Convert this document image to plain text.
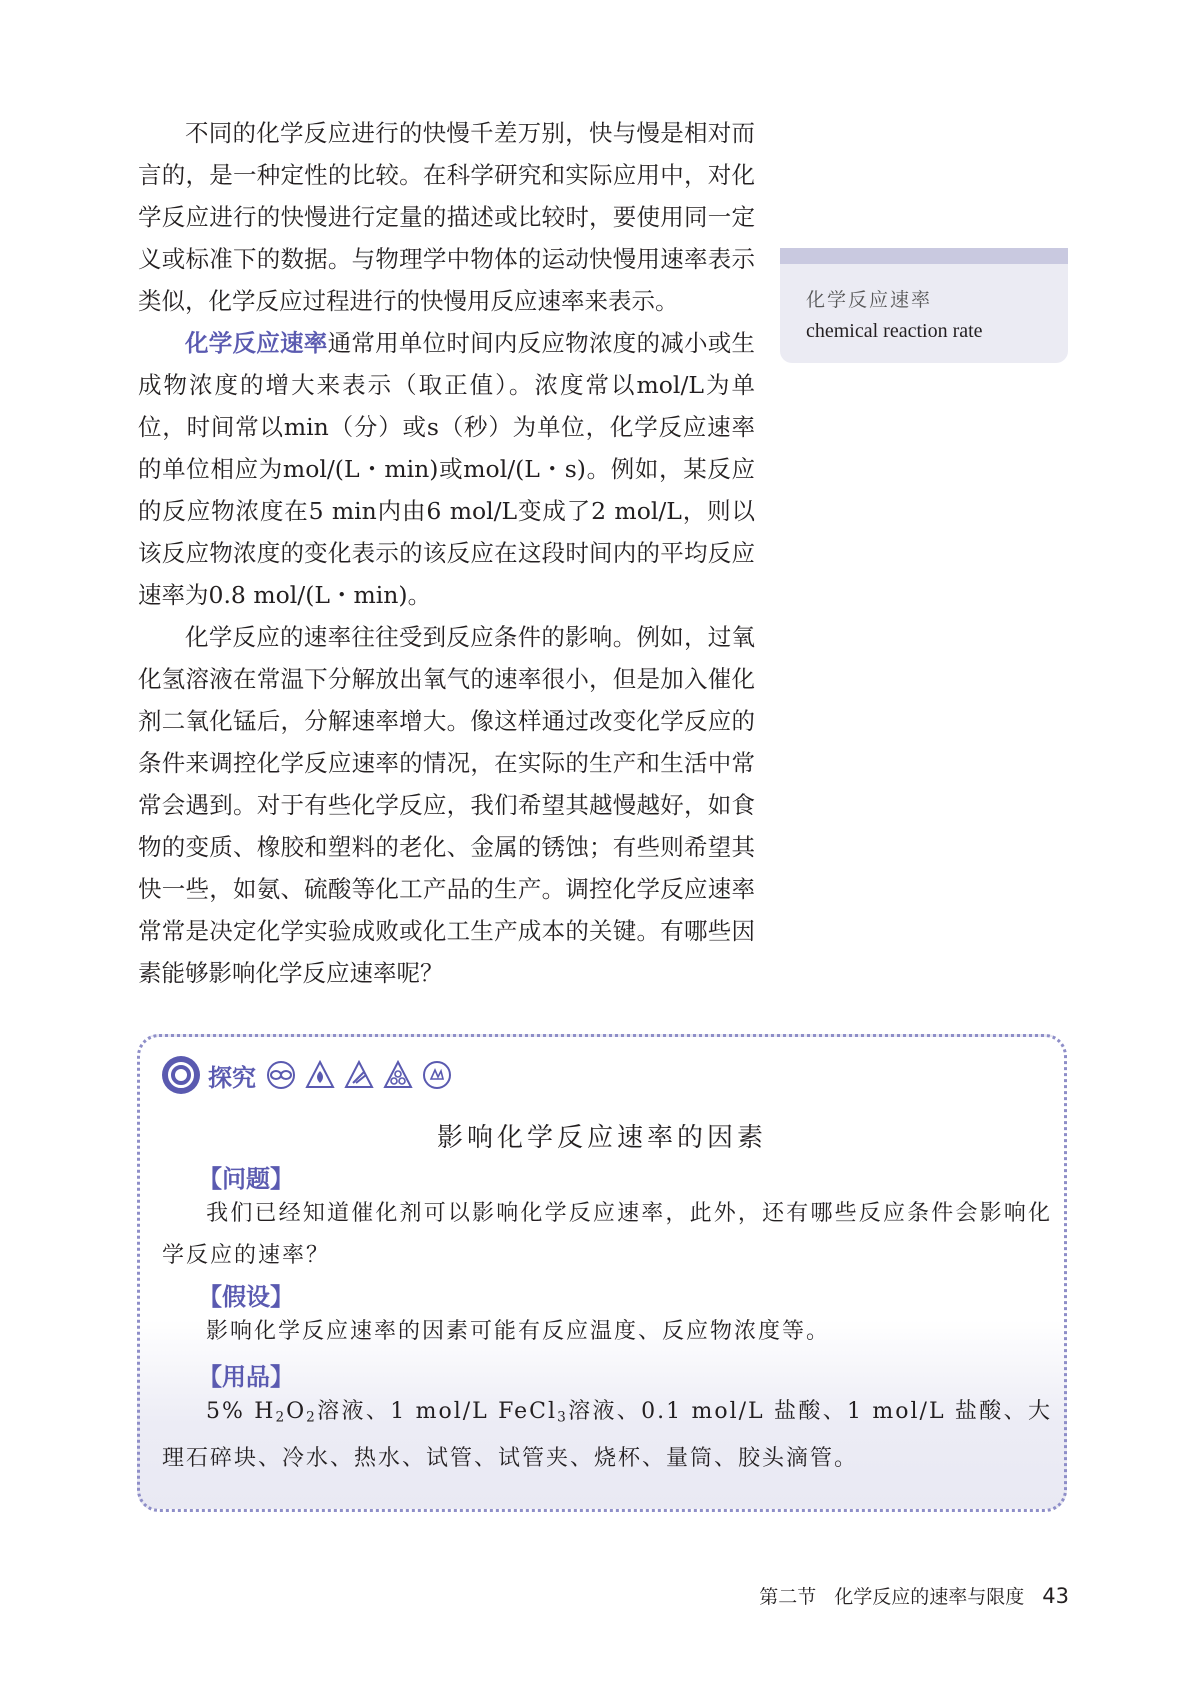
不同的化学反应进行的快慢千差万别，快与慢是相对而言的，是一种定性的比较。在科学研究和实际应用中，对化学反应进行的快慢进行定量的描述或比较时，要使用同一定义或标准下的数据。与物理学中物体的运动快慢用速率表示类似，化学反应过程进行的快慢用反应速率来表示。

化学反应速率通常用单位时间内反应物浓度的减小或生成物浓度的增大来表示（取正值）。浓度常以mol/L为单位，时间常以min（分）或s（秒）为单位，化学反应速率的单位相应为mol/(L・min)或mol/(L・s)。例如，某反应的反应物浓度在5 min内由6 mol/L变成了2 mol/L，则以该反应物浓度的变化表示的该反应在这段时间内的平均反应速率为0.8 mol/(L・min)。

化学反应的速率往往受到反应条件的影响。例如，过氧化氢溶液在常温下分解放出氧气的速率很小，但是加入催化剂二氧化锰后，分解速率增大。像这样通过改变化学反应的条件来调控化学反应速率的情况，在实际的生产和生活中常常会遇到。对于有些化学反应，我们希望其越慢越好，如食物的变质、橡胶和塑料的老化、金属的锈蚀；有些则希望其快一些，如氨、硫酸等化工产品的生产。调控化学反应速率常常是决定化学实验成败或化工生产成本的关键。有哪些因素能够影响化学反应速率呢？

化学反应速率
chemical reaction rate
探究
影响化学反应速率的因素
【问题】
我们已经知道催化剂可以影响化学反应速率，此外，还有哪些反应条件会影响化学反应的速率？
【假设】
影响化学反应速率的因素可能有反应温度、反应物浓度等。
【用品】
5% $H_2O_2$溶液、1 mol/L FeCl$_3$溶液、0.1 mol/L 盐酸、1 mol/L 盐酸、大理石碎块、冷水、热水、试管、试管夹、烧杯、量筒、胶头滴管。
第二节 化学反应的速率与限度 43
